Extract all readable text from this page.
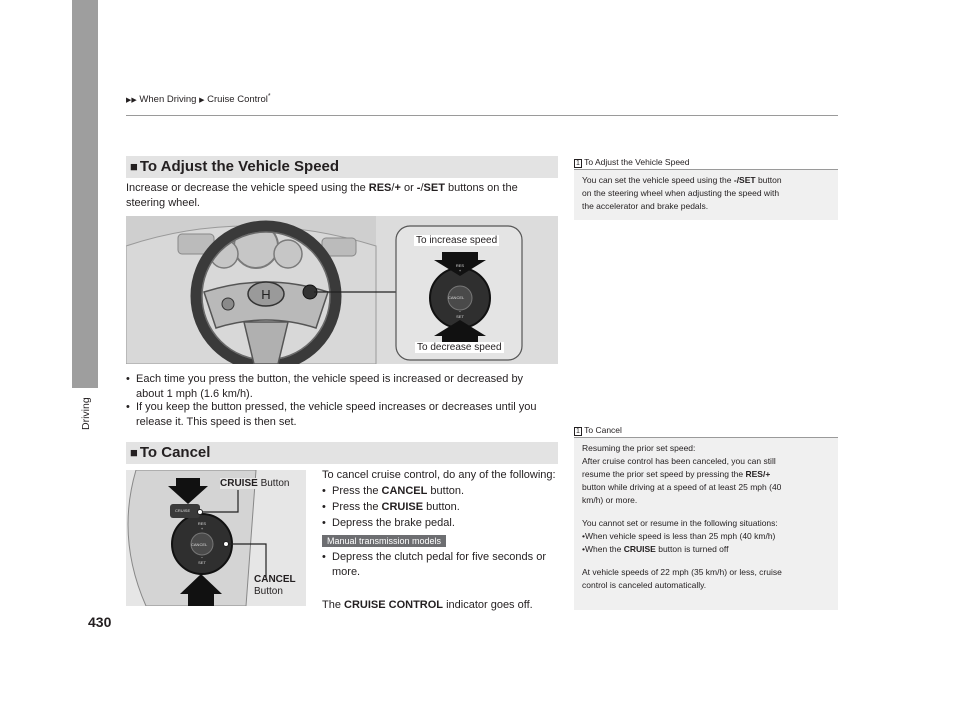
▶▶ When Driving ▶ Cruise Control*
Driving
430
■ To Adjust the Vehicle Speed
Increase or decrease the vehicle speed using the RES/+ or -/SET buttons on the
steering wheel.
H
RES
+
CANCEL
−
SET
To increase speed
To decrease speed
• Each time you press the button, the vehicle speed is increased or decreased by
about 1 mph (1.6 km/h).
• If you keep the button pressed, the vehicle speed increases or decreases until you
release it. This speed is then set.
■ To Cancel
CRUISE
RES
+
CANCEL
−
SET
CRUISE Button
CANCEL
Button
To cancel cruise control, do any of the following:
• Press the CANCEL button.
• Press the CRUISE button.
• Depress the brake pedal.
Manual transmission models
• Depress the clutch pedal for five seconds or
more.
The CRUISE CONTROL indicator goes off.
1 To Adjust the Vehicle Speed
You can set the vehicle speed using the -/SET button
on the steering wheel when adjusting the speed with
the accelerator and brake pedals.
1 To Cancel
Resuming the prior set speed:
After cruise control has been canceled, you can still
resume the prior set speed by pressing the RES/+
button while driving at a speed of at least 25 mph (40
km/h) or more.
You cannot set or resume in the following situations:
•When vehicle speed is less than 25 mph (40 km/h)
•When the CRUISE button is turned off
At vehicle speeds of 22 mph (35 km/h) or less, cruise
control is canceled automatically.
